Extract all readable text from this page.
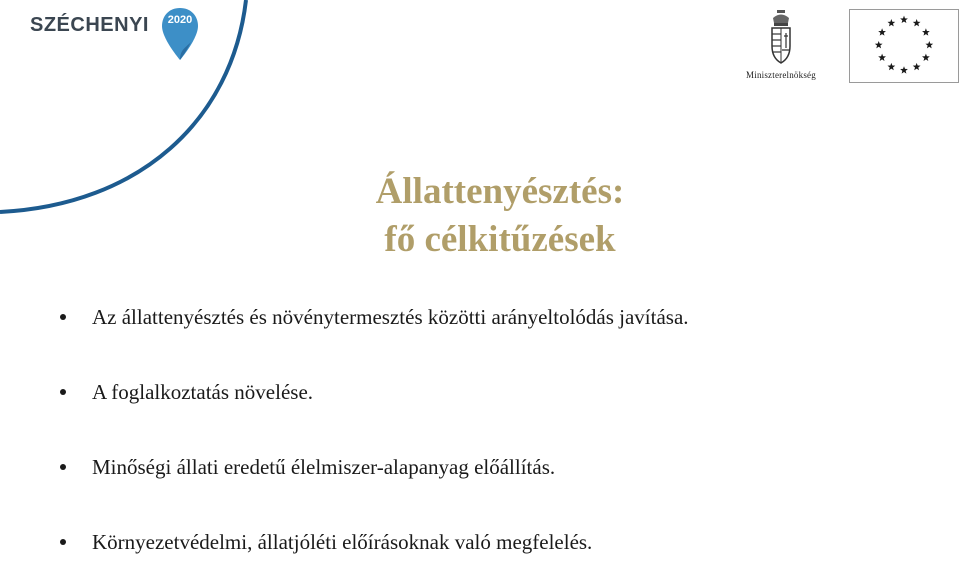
SZÉCHENYI	2020
Miniszterelnökség
Állattenyésztés:
fő célkitűzések
Az állattenyésztés és növénytermesztés közötti arányeltolódás javítása.
A foglalkoztatás növelése.
Minőségi állati eredetű élelmiszer-alapanyag előállítás.
Környezetvédelmi, állatjóléti előírásoknak való megfelelés.
